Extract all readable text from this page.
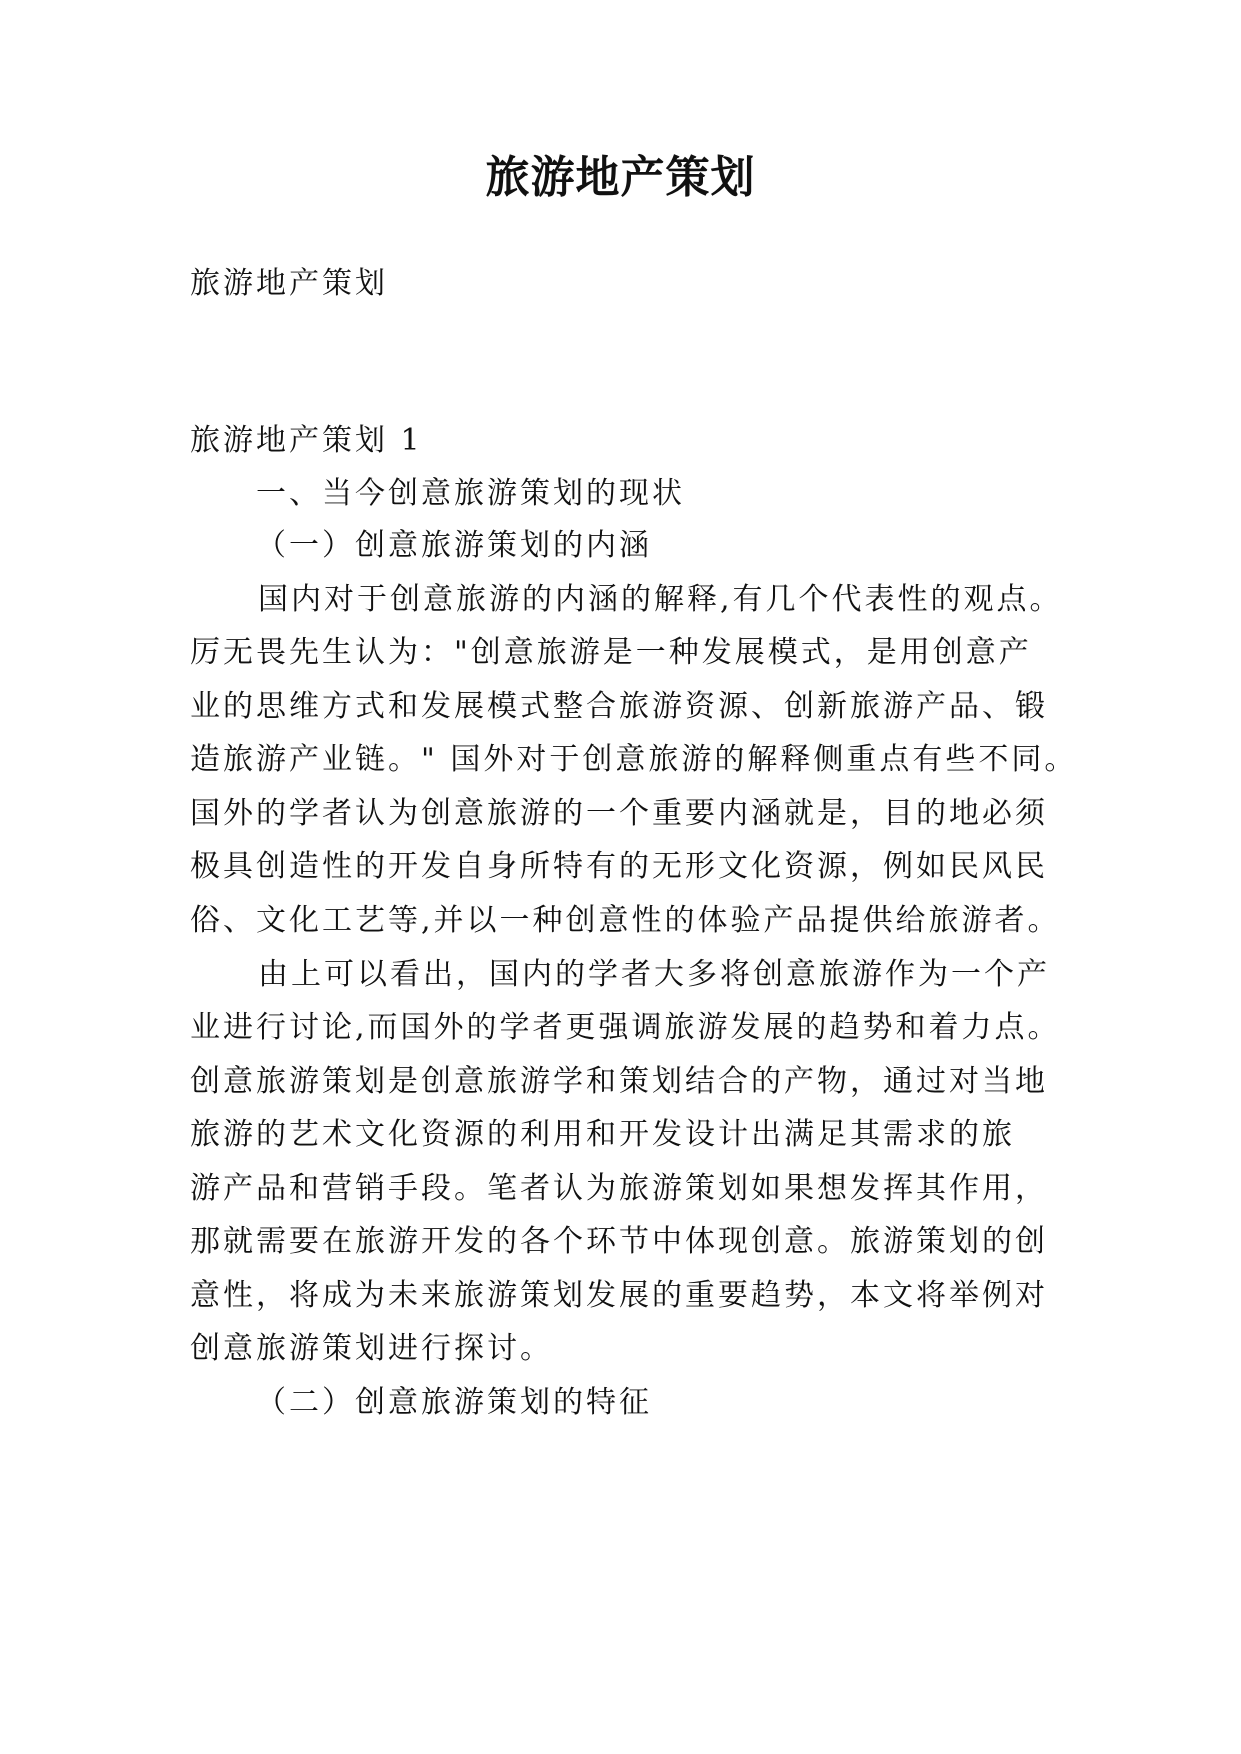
旅游地产策划
旅游地产策划
旅游地产策划 1
一、当今创意旅游策划的现状
（一）创意旅游策划的内涵
国内对于创意旅游的内涵的解释,有几个代表性的观点。
厉无畏先生认为："创意旅游是一种发展模式，是用创意产
业的思维方式和发展模式整合旅游资源、创新旅游产品、锻
造旅游产业链。" 国外对于创意旅游的解释侧重点有些不同。
国外的学者认为创意旅游的一个重要内涵就是，目的地必须
极具创造性的开发自身所特有的无形文化资源，例如民风民
俗、文化工艺等,并以一种创意性的体验产品提供给旅游者。
由上可以看出，国内的学者大多将创意旅游作为一个产
业进行讨论,而国外的学者更强调旅游发展的趋势和着力点。
创意旅游策划是创意旅游学和策划结合的产物，通过对当地
旅游的艺术文化资源的利用和开发设计出满足其需求的旅
游产品和营销手段。笔者认为旅游策划如果想发挥其作用，
那就需要在旅游开发的各个环节中体现创意。旅游策划的创
意性，将成为未来旅游策划发展的重要趋势，本文将举例对
创意旅游策划进行探讨。
（二）创意旅游策划的特征
